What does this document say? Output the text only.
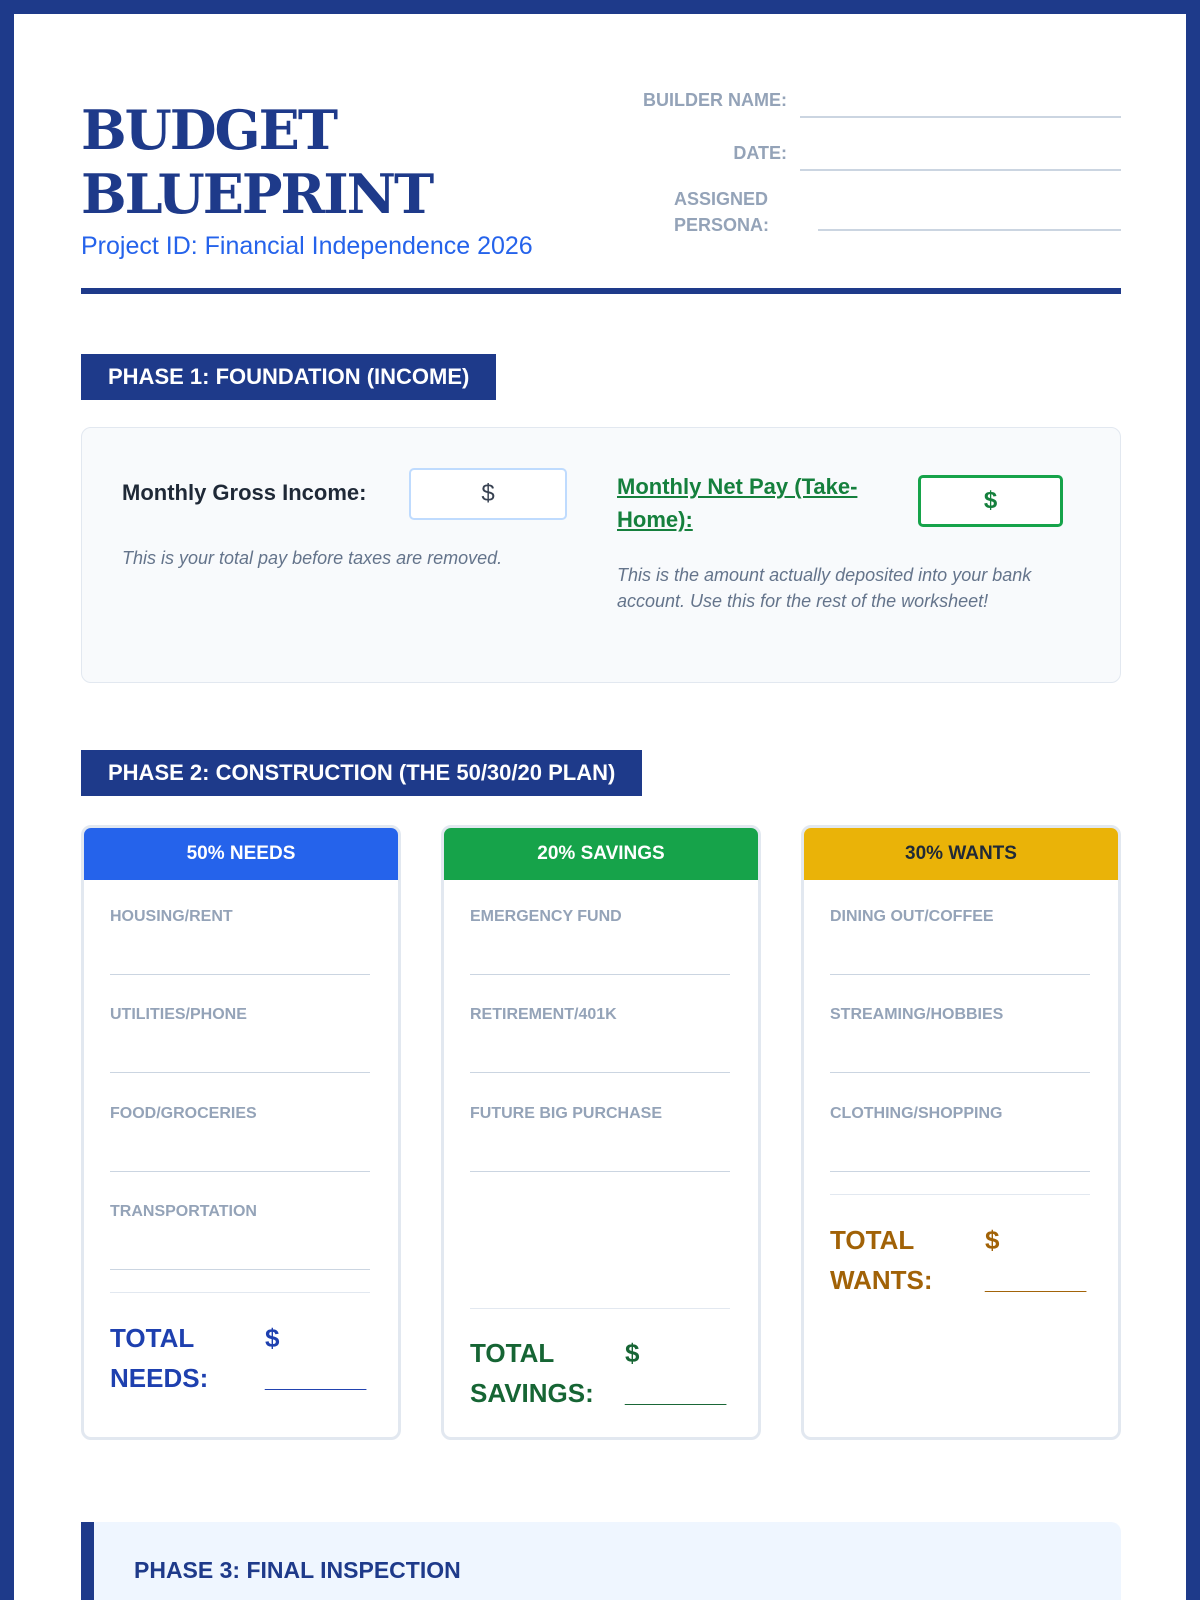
BUDGET
BLUEPRINT
Project ID: Financial Independence 2026
BUILDER NAME:
DATE:
ASSIGNED
PERSONA:
PHASE 1: FOUNDATION (INCOME)
Monthly Gross Income:	$
This is your total pay before taxes are removed.
Monthly Net Pay (Take-Home):
$
This is the amount actually deposited into your bank account. Use this for the rest of the worksheet!
PHASE 2: CONSTRUCTION (THE 50/30/20 PLAN)
50% NEEDS
HOUSING/RENT
UTILITIES/PHONE
FOOD/GROCERIES
TRANSPORTATION
TOTAL NEEDS:
$ _______
20% SAVINGS
EMERGENCY FUND
RETIREMENT/401K
FUTURE BIG PURCHASE
TOTAL SAVINGS:
$ _______
30% WANTS
DINING OUT/COFFEE
STREAMING/HOBBIES
CLOTHING/SHOPPING
TOTAL WANTS:
$ _______
PHASE 3: FINAL INSPECTION
